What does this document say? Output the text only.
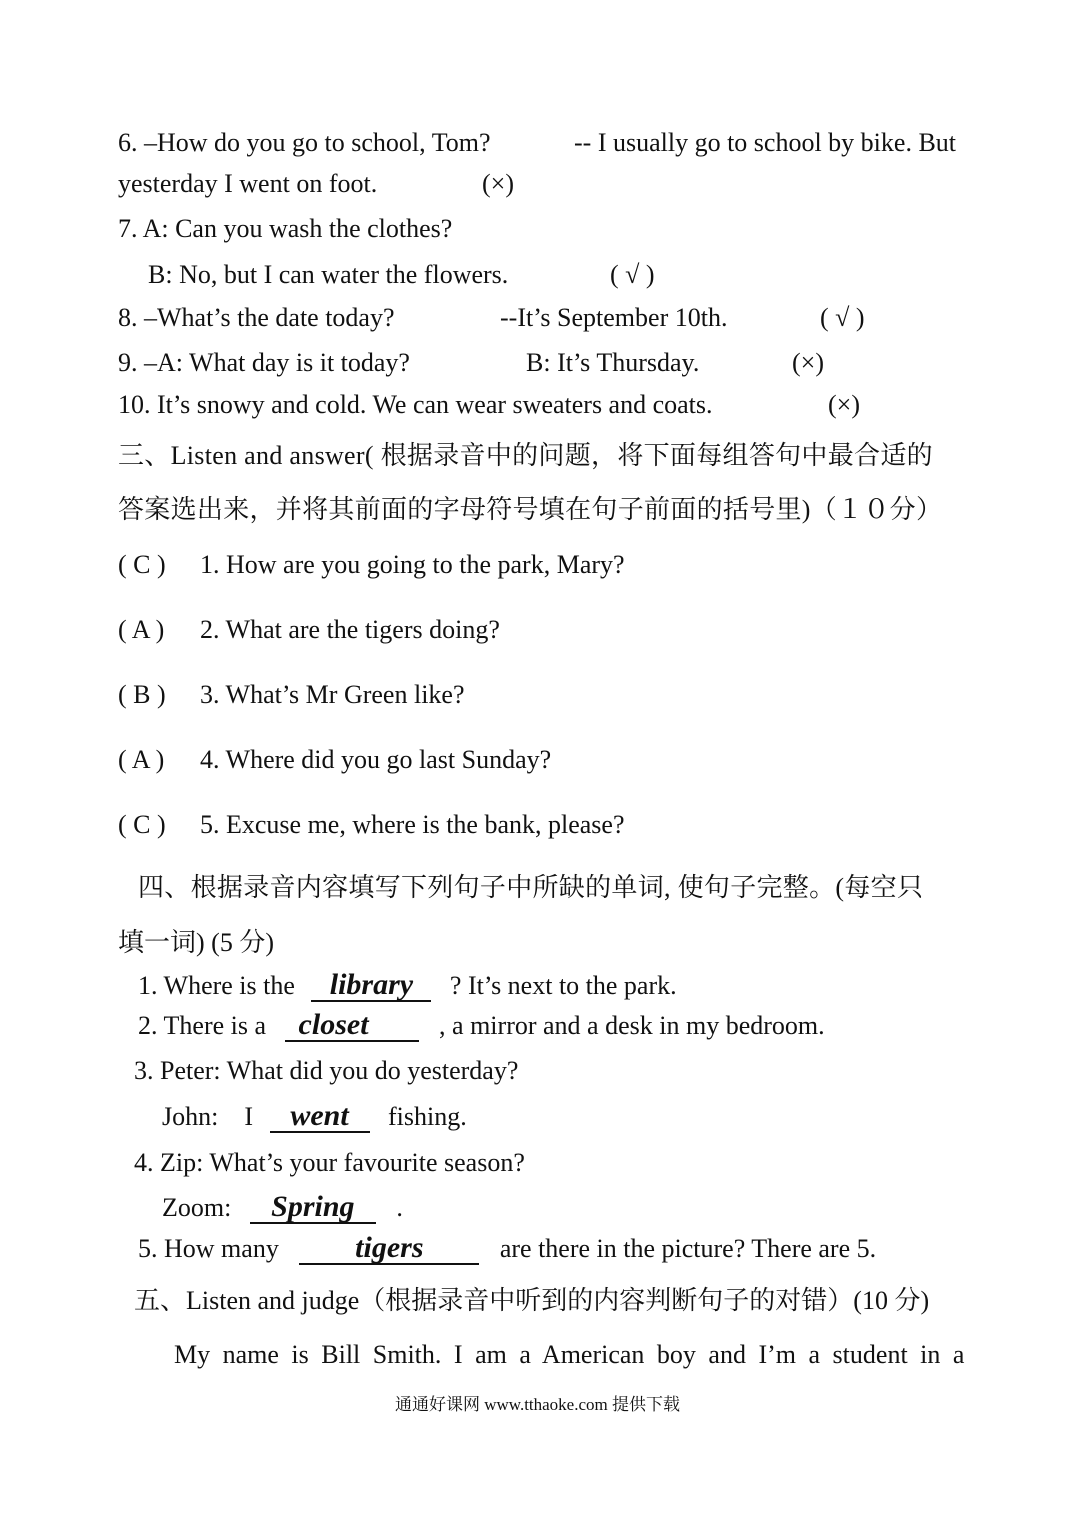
6. –How do you go to school, Tom?	-- I usually go to school by bike. But
yesterday I went on foot.	(×)
7. A: Can you wash the clothes?
B: No, but I can water the flowers.	( √ )
8. –What’s the date today?	--It’s September 10th.	( √ )
9. –A: What day is it today?	B: It’s Thursday.	(×)
10. It’s snowy and cold. We can wear sweaters and coats.	(×)
三、Listen and answer( 根据录音中的问题，将下面每组答句中最合适的
答案选出来，并将其前面的字母符号填在句子前面的括号里)（１０分）
( C ) 1. How are you going to the park, Mary?
( A ) 2. What are the tigers doing?
( B ) 3. What’s Mr Green like?
( A ) 4. Where did you go last Sunday?
( C ) 5. Excuse me, where is the bank, please?
四、根据录音内容填写下列句子中所缺的单词, 使句子完整。(每空只
填一词) (5 分)
1. Where is the library ? It’s next to the park.
2. There is a closet	, a mirror and a desk in my bedroom.
3. Peter: What did you do yesterday?
John:    I went fishing.
4. Zip: What’s your favourite season?
Zoom: Spring .
5. How many	tigers	are there in the picture? There are 5.
五、Listen and judge（根据录音中听到的内容判断句子的对错）(10 分)
My name is Bill Smith. I am a American boy and I’m a student in a
通通好课网 www.tthaoke.com 提供下载
